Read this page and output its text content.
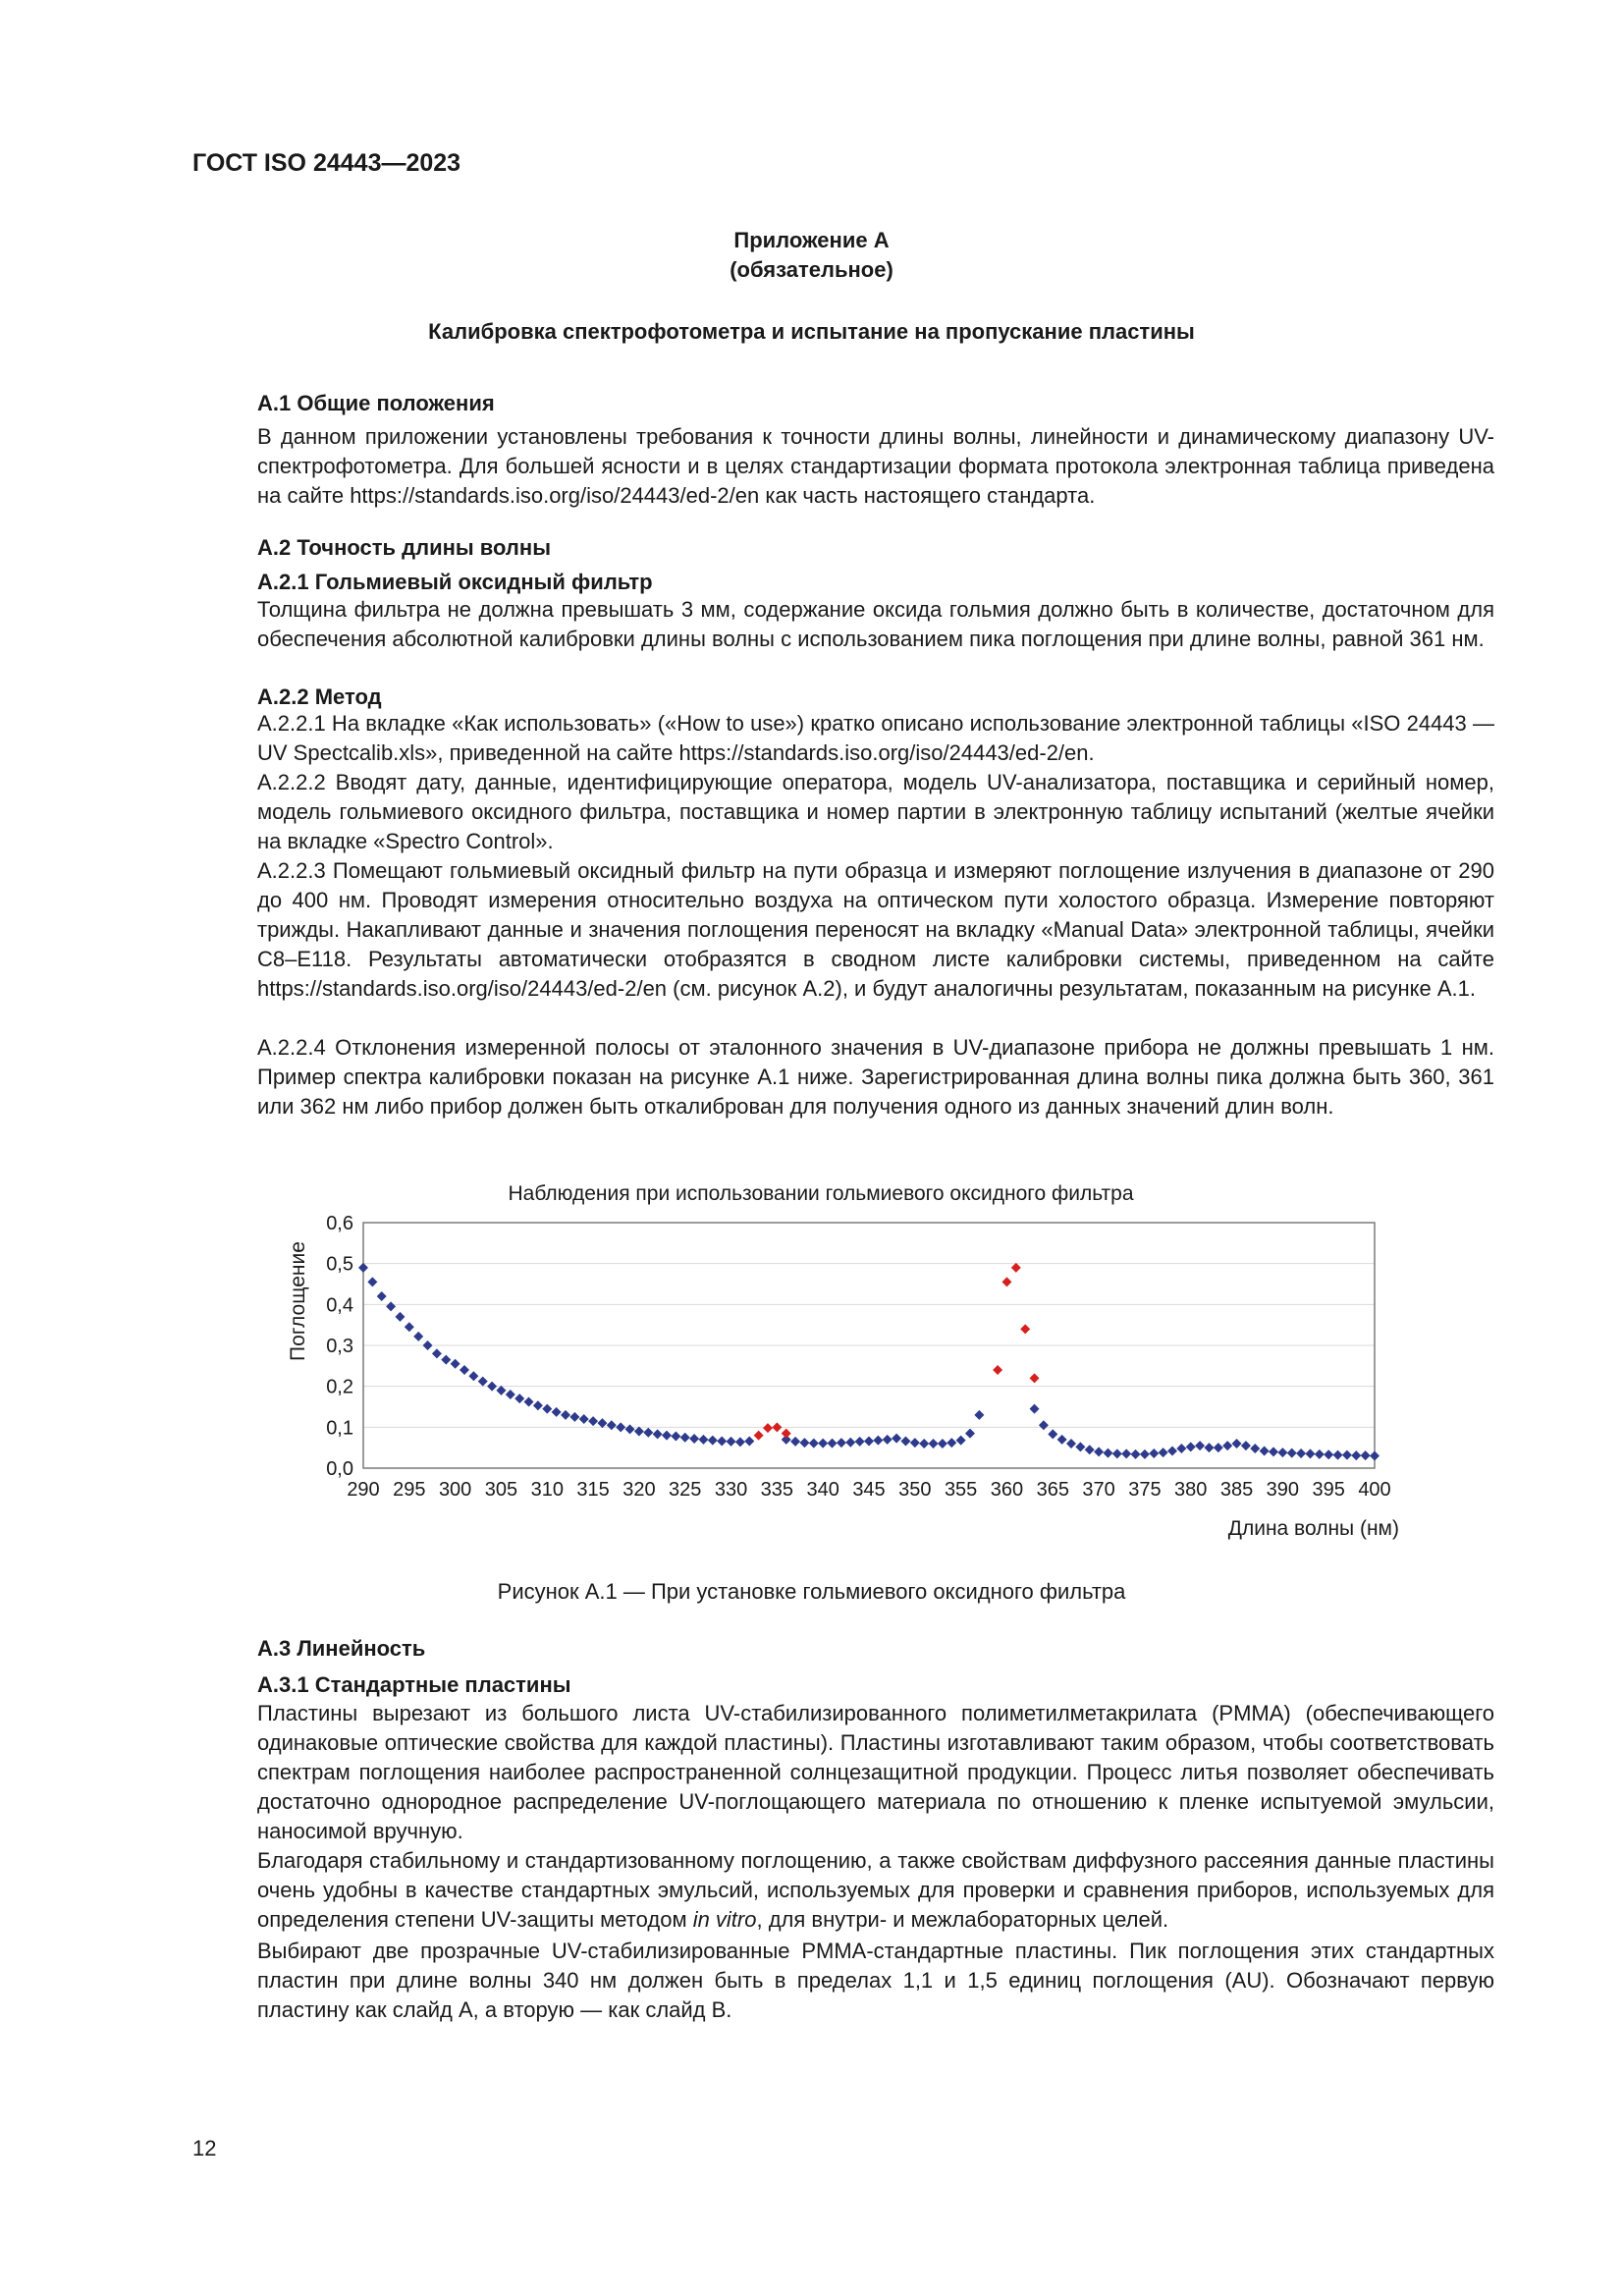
ГОСТ ISO 24443—2023
Приложение А
(обязательное)
Калибровка спектрофотометра и испытание на пропускание пластины
А.1 Общие положения
В данном приложении установлены требования к точности длины волны, линейности и динамическому диапазону UV-спектрофотометра. Для большей ясности и в целях стандартизации формата протокола электронная таблица приведена на сайте https://standards.iso.org/iso/24443/ed-2/en как часть настоящего стандарта.
А.2 Точность длины волны
А.2.1 Гольмиевый оксидный фильтр
Толщина фильтра не должна превышать 3 мм, содержание оксида гольмия должно быть в количестве, достаточном для обеспечения абсолютной калибровки длины волны с использованием пика поглощения при длине волны, равной 361 нм.
А.2.2 Метод
А.2.2.1 На вкладке «Как использовать» («How to use») кратко описано использование электронной таблицы «ISO 24443 — UV Spectcalib.xls», приведенной на сайте https://standards.iso.org/iso/24443/ed-2/en.
А.2.2.2 Вводят дату, данные, идентифицирующие оператора, модель UV-анализатора, поставщика и серийный номер, модель гольмиевого оксидного фильтра, поставщика и номер партии в электронную таблицу испытаний (желтые ячейки на вкладке «Spectro Control».
А.2.2.3 Помещают гольмиевый оксидный фильтр на пути образца и измеряют поглощение излучения в диапазоне от 290 до 400 нм. Проводят измерения относительно воздуха на оптическом пути холостого образца. Измерение повторяют трижды. Накапливают данные и значения поглощения переносят на вкладку «Manual Data» электронной таблицы, ячейки C8–E118. Результаты автоматически отобразятся в сводном листе калибровки системы, приведенном на сайте https://standards.iso.org/iso/24443/ed-2/en (см. рисунок А.2), и будут аналогичны результатам, показанным на рисунке А.1.
А.2.2.4 Отклонения измеренной полосы от эталонного значения в UV-диапазоне прибора не должны превышать 1 нм. Пример спектра калибровки показан на рисунке А.1 ниже. Зарегистрированная длина волны пика должна быть 360, 361 или 362 нм либо прибор должен быть откалиброван для получения одного из данных значений длин волн.
Наблюдения при использовании гольмиевого оксидного фильтра
Поглощение
Длина волны (нм)
0,0
0,1
0,2
0,3
0,4
0,5
0,6
290 295 300 305 310 315 320 325 330 335 340 345 350 355 360 365 370 375 380 385 390 395 400
Рисунок А.1 — При установке гольмиевого оксидного фильтра
А.3 Линейность
А.3.1 Стандартные пластины
Пластины вырезают из большого листа UV-стабилизированного полиметилметакрилата (PMMA) (обеспечивающего одинаковые оптические свойства для каждой пластины). Пластины изготавливают таким образом, чтобы соответствовать спектрам поглощения наиболее распространенной солнцезащитной продукции. Процесс литья позволяет обеспечивать достаточно однородное распределение UV-поглощающего материала по отношению к пленке испытуемой эмульсии, наносимой вручную.
Благодаря стабильному и стандартизованному поглощению, а также свойствам диффузного рассеяния данные пластины очень удобны в качестве стандартных эмульсий, используемых для проверки и сравнения приборов, используемых для определения степени UV-защиты методом in vitro, для внутри- и межлабораторных целей.
Выбирают две прозрачные UV-стабилизированные PMMA-стандартные пластины. Пик поглощения этих стандартных пластин при длине волны 340 нм должен быть в пределах 1,1 и 1,5 единиц поглощения (AU). Обозначают первую пластину как слайд А, а вторую — как слайд В.
12
